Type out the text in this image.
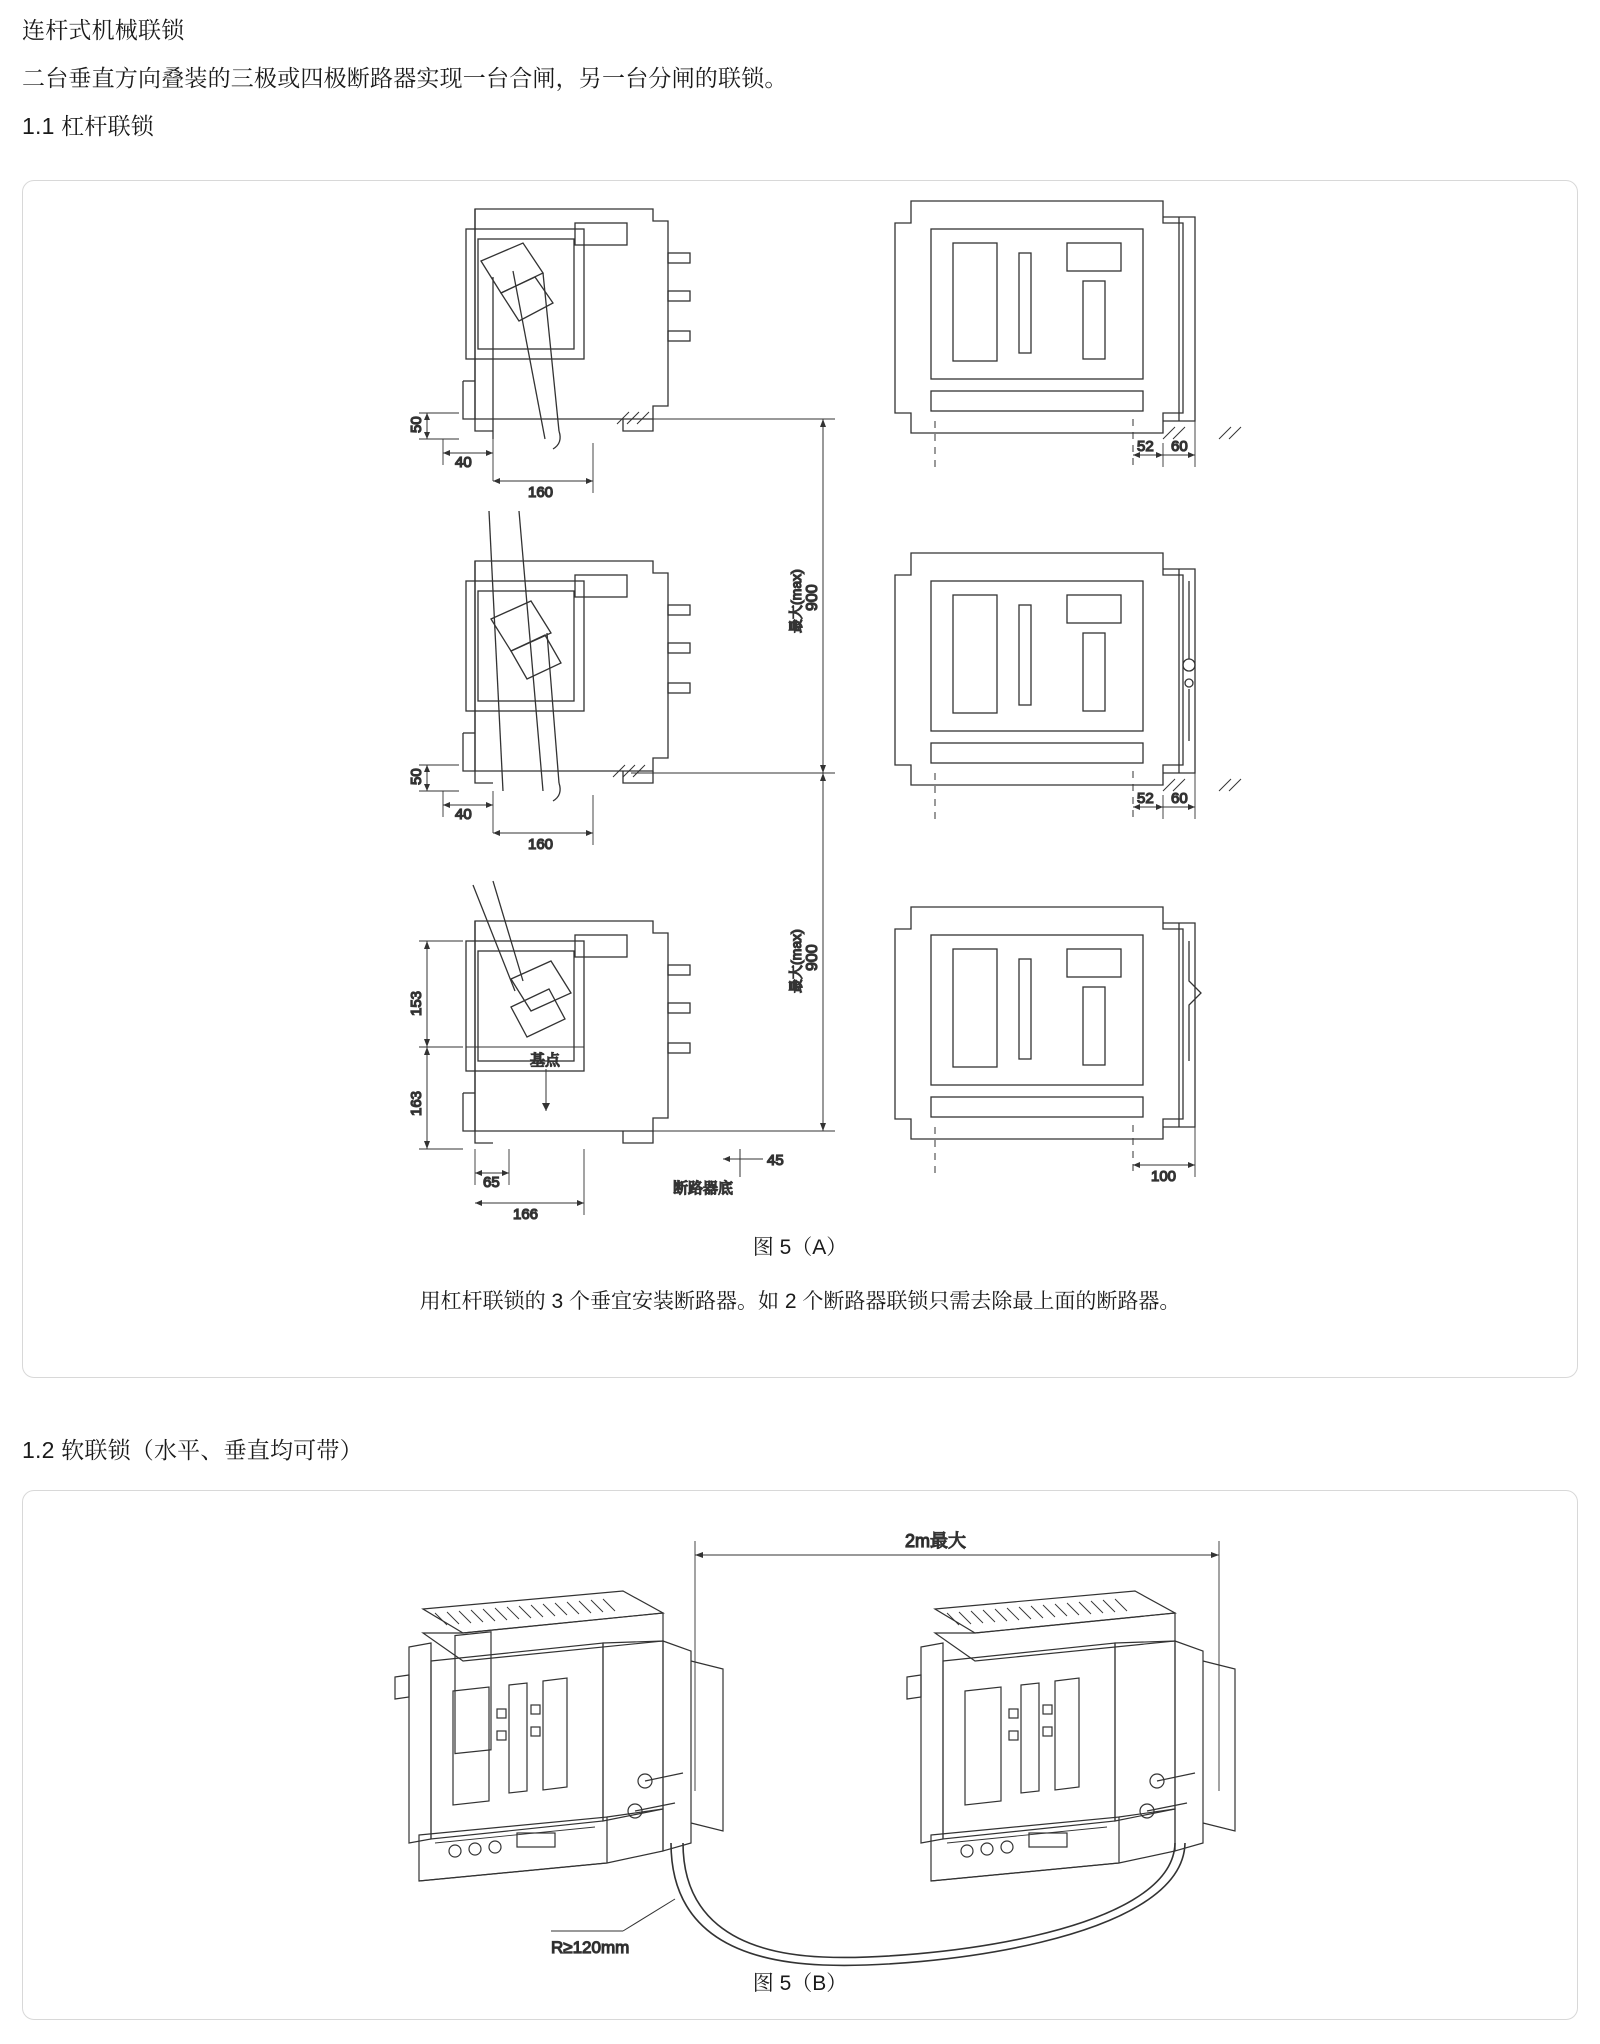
连杆式机械联锁
二台垂直方向叠装的三极或四极断路器实现一台合闸，另一台分闸的联锁。
1.1 杠杆联锁
50
40
160
50
40
160
153
163
基点
65
166
45
断路器底
900
最大(max)
900
最大(max)
52 60
52 60
100
图 5（A）
用杠杆联锁的 3 个垂宜安装断路器。如 2 个断路器联锁只需去除最上面的断路器。
1.2 软联锁（水平、垂直均可带）
2m最大
R≥120mm
图 5（B）
